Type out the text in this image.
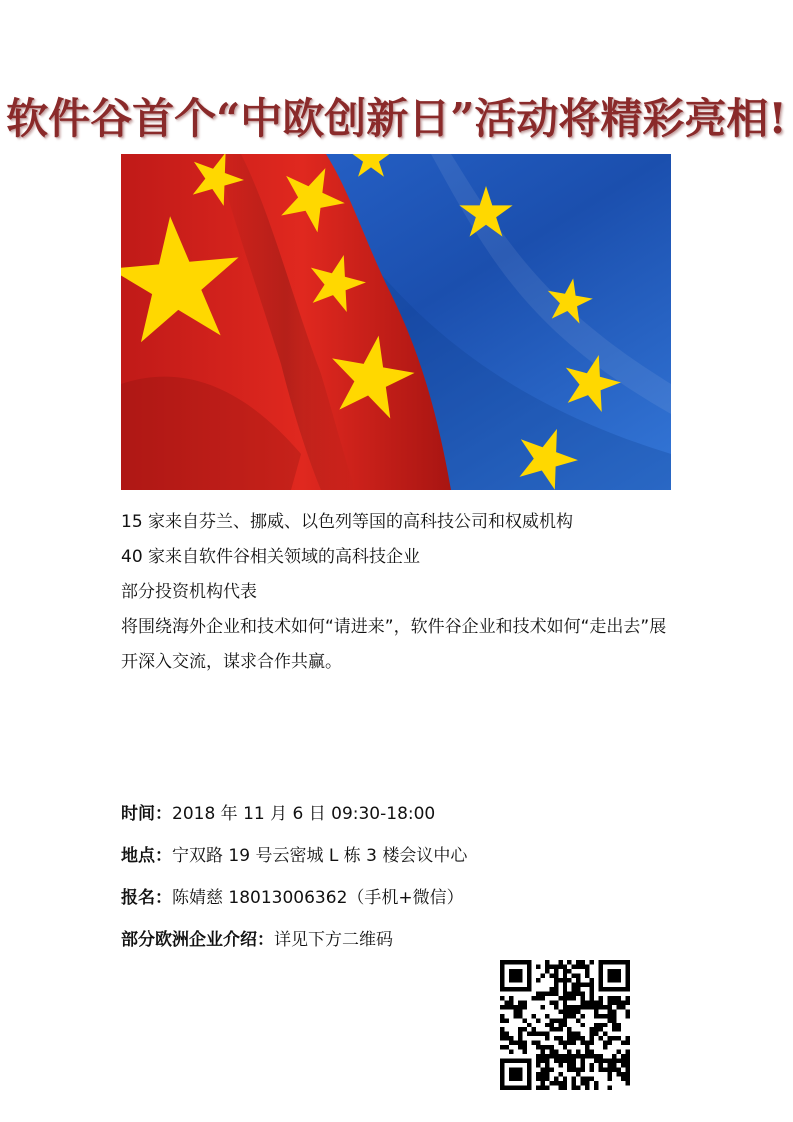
软件谷首个“中欧创新日”活动将精彩亮相!

15 家来自芬兰、挪威、以色列等国的高科技公司和权威机构

40 家来自软件谷相关领域的高科技企业

部分投资机构代表

将围绕海外企业和技术如何“请进来”，软件谷企业和技术如何“走出去”展开深入交流，谋求合作共赢。

时间：2018 年 11 月 6 日 09:30-18:00
地点：宁双路 19 号云密城 L 栋 3 楼会议中心
报名：陈婧慈 18013006362（手机+微信）
部分欧洲企业介绍：详见下方二维码
